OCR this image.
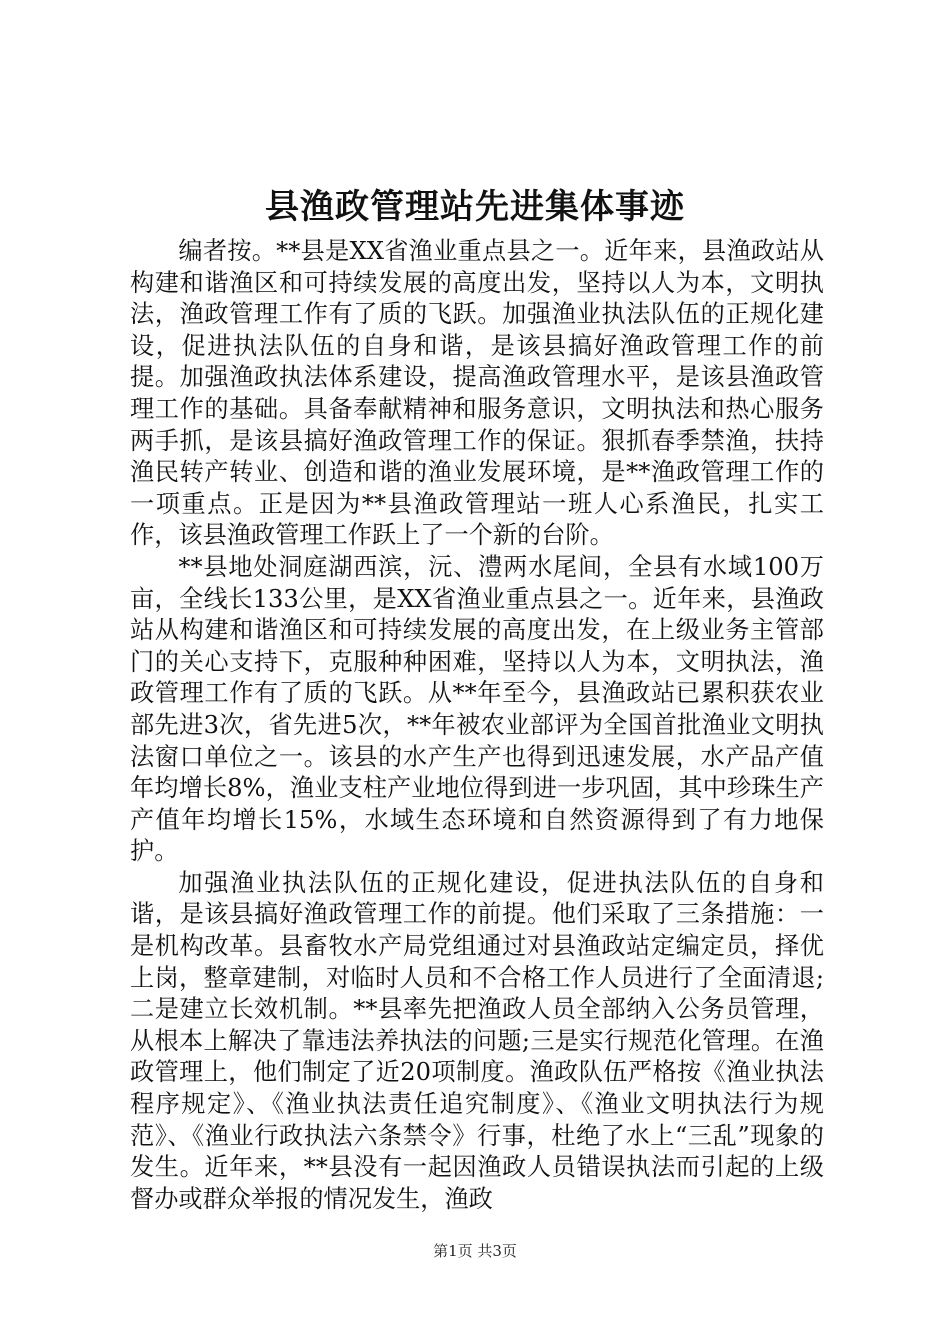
县渔政管理站先进集体事迹

编者按。**县是XX省渔业重点县之一。近年来，县渔政站从构建和谐渔区和可持续发展的高度出发，坚持以人为本，文明执法，渔政管理工作有了质的飞跃。加强渔业执法队伍的正规化建设，促进执法队伍的自身和谐，是该县搞好渔政管理工作的前提。加强渔政执法体系建设，提高渔政管理水平，是该县渔政管理工作的基础。具备奉献精神和服务意识，文明执法和热心服务两手抓，是该县搞好渔政管理工作的保证。狠抓春季禁渔，扶持渔民转产转业、创造和谐的渔业发展环境，是**渔政管理工作的一项重点。正是因为**县渔政管理站一班人心系渔民，扎实工作，该县渔政管理工作跃上了一个新的台阶。

**县地处洞庭湖西滨，沅、澧两水尾间，全县有水域100万亩，全线长133公里，是XX省渔业重点县之一。近年来，县渔政站从构建和谐渔区和可持续发展的高度出发，在上级业务主管部门的关心支持下，克服种种困难，坚持以人为本，文明执法，渔政管理工作有了质的飞跃。从**年至今，县渔政站已累积获农业部先进3次，省先进5次，**年被农业部评为全国首批渔业文明执法窗口单位之一。该县的水产生产也得到迅速发展，水产品产值年均增长8%，渔业支柱产业地位得到进一步巩固，其中珍珠生产产值年均增长15%，水域生态环境和自然资源得到了有力地保护。

加强渔业执法队伍的正规化建设，促进执法队伍的自身和谐，是该县搞好渔政管理工作的前提。他们采取了三条措施：一是机构改革。县畜牧水产局党组通过对县渔政站定编定员，择优上岗，整章建制，对临时人员和不合格工作人员进行了全面清退;二是建立长效机制。**县率先把渔政人员全部纳入公务员管理，从根本上解决了靠违法养执法的问题;三是实行规范化管理。在渔政管理上，他们制定了近20项制度。渔政队伍严格按《渔业执法程序规定》、《渔业执法责任追究制度》、《渔业文明执法行为规范》、《渔业行政执法六条禁令》行事，杜绝了水上“三乱”现象的发生。近年来，**县没有一起因渔政人员错误执法而引起的上级督办或群众举报的情况发生，渔政

第1页 共3页
